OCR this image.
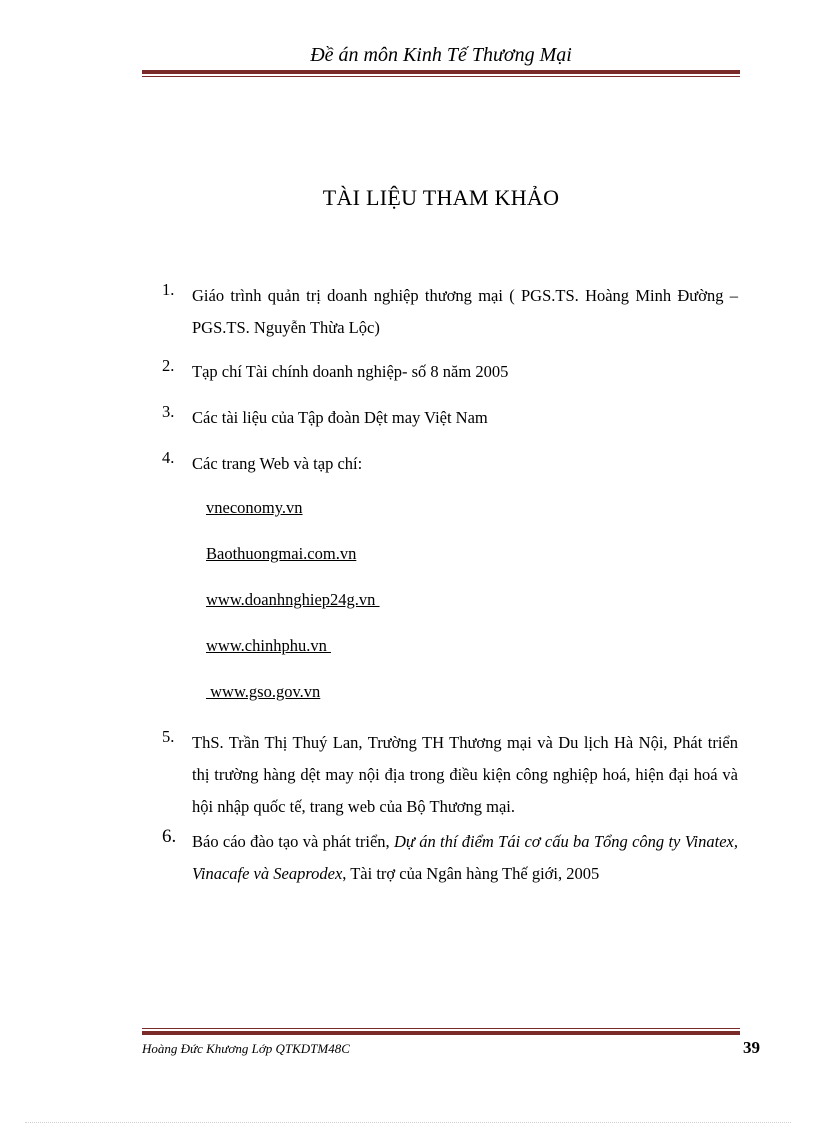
Đề án môn Kinh Tế Thương Mại
TÀI LIỆU THAM KHẢO
1.	Giáo trình quản trị doanh nghiệp thương mại ( PGS.TS. Hoàng Minh Đường – PGS.TS. Nguyễn Thừa Lộc)
2.	Tạp chí Tài chính doanh nghiệp- số 8 năm 2005
3.	Các tài liệu của Tập đoàn Dệt may Việt Nam
4.	Các trang Web và tạp chí:
vneconomy.vn
Baothuongmai.com.vn
www.doanhnghiep24g.vn
www.chinhphu.vn
www.gso.gov.vn
5.	ThS. Trần Thị Thuý Lan, Trường TH Thương mại và Du lịch Hà Nội, Phát triển thị trường hàng dệt may nội địa trong điều kiện công nghiệp hoá, hiện đại hoá và hội nhập quốc tế, trang web của Bộ Thương mại.
6. Báo cáo đào tạo và phát triển, Dự án thí điểm Tái cơ cấu ba Tổng công ty Vinatex, Vinacafe và Seaprodex, Tài trợ của Ngân hàng Thế giới, 2005
Hoàng Đức Khương Lớp QTKDTM48C	39
